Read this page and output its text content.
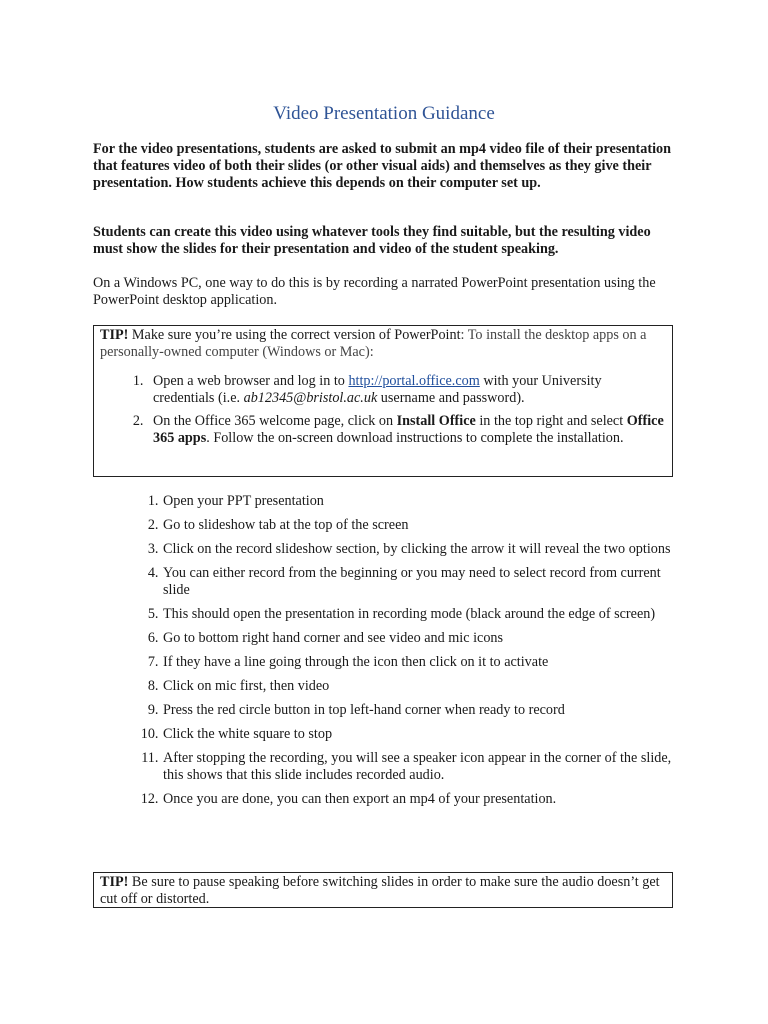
Video Presentation Guidance

For the video presentations, students are asked to submit an mp4 video file of their presentation that features video of both their slides (or other visual aids) and themselves as they give their presentation. How students achieve this depends on their computer set up.

Students can create this video using whatever tools they find suitable, but the resulting video must show the slides for their presentation and video of the student speaking.

On a Windows PC, one way to do this is by recording a narrated PowerPoint presentation using the PowerPoint desktop application.

TIP! Make sure you’re using the correct version of PowerPoint: To install the desktop apps on a personally-owned computer (Windows or Mac):

1. Open a web browser and log in to http://portal.office.com with your University credentials (i.e. ab12345@bristol.ac.uk username and password).
2. On the Office 365 welcome page, click on Install Office in the top right and select Office 365 apps. Follow the on-screen download instructions to complete the installation.
1. Open your PPT presentation
2. Go to slideshow tab at the top of the screen
3. Click on the record slideshow section, by clicking the arrow it will reveal the two options
4. You can either record from the beginning or you may need to select record from current slide
5. This should open the presentation in recording mode (black around the edge of screen)
6. Go to bottom right hand corner and see video and mic icons
7. If they have a line going through the icon then click on it to activate
8. Click on mic first, then video
9. Press the red circle button in top left-hand corner when ready to record
10. Click the white square to stop
11. After stopping the recording, you will see a speaker icon appear in the corner of the slide, this shows that this slide includes recorded audio.
12. Once you are done, you can then export an mp4 of your presentation.
TIP! Be sure to pause speaking before switching slides in order to make sure the audio doesn’t get cut off or distorted.
